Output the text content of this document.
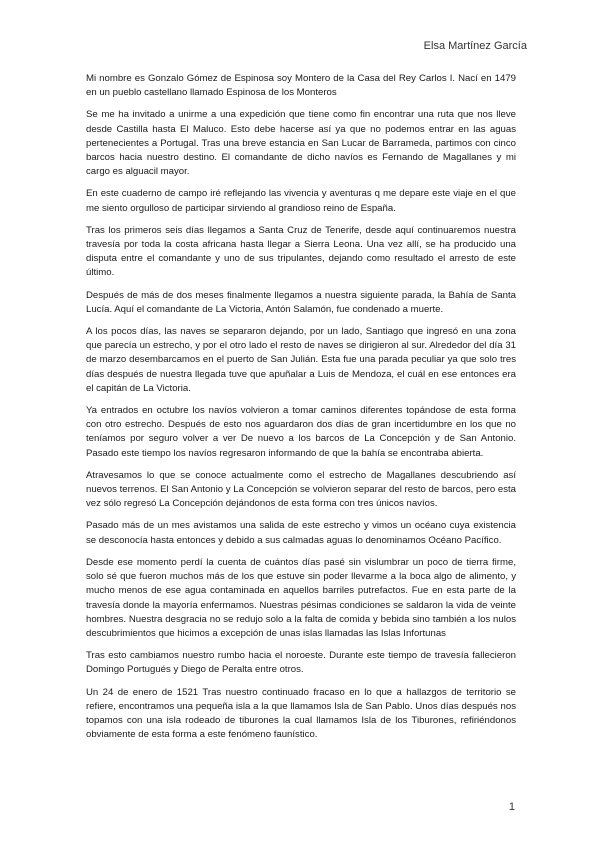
Elsa Martínez García

Mi nombre es Gonzalo Gómez de Espinosa soy Montero de la Casa del Rey Carlos I. Nací en 1479 en un pueblo castellano llamado Espinosa de los Monteros

Se me ha invitado a unirme a una expedición que tiene como fin encontrar una ruta que nos lleve desde Castilla hasta El Maluco. Esto debe hacerse así ya que no podemos entrar en las aguas pertenecientes a Portugal. Tras una breve estancia en San Lucar de Barrameda, partimos con cinco barcos hacia nuestro destino. El comandante de dicho navíos es Fernando de Magallanes y mi cargo es alguacil mayor.

En este cuaderno de campo iré reflejando las vivencia y aventuras q me depare este viaje en el que me siento orgulloso de participar sirviendo al grandioso reino de España.

Tras los primeros seis días llegamos a Santa Cruz de Tenerife, desde aquí continuaremos nuestra travesía por toda la costa africana hasta llegar a Sierra Leona. Una vez allí, se ha producido una disputa entre el comandante y uno de sus tripulantes, dejando como resultado el arresto de este último.

Después de más de dos meses finalmente llegamos a nuestra siguiente parada, la Bahía de Santa Lucía. Aquí el comandante de La Victoria, Antón Salamón, fue condenado a muerte.

A los pocos días, las naves se separaron dejando, por un lado, Santiago que ingresó en una zona que parecía un estrecho, y por el otro lado el resto de naves se dirigieron al sur. Alrededor del día 31 de marzo desembarcamos en el puerto de San Julián. Esta fue una parada peculiar ya que solo tres días después de nuestra llegada tuve que apuñalar a Luis de Mendoza, el cuál en ese entonces era el capitán de La Victoria.

Ya entrados en octubre los navíos volvieron a tomar caminos diferentes topándose de esta forma con otro estrecho. Después de esto nos aguardaron dos días de gran incertidumbre en los que no teníamos por seguro volver a ver De nuevo a los barcos de La Concepción y de San Antonio. Pasado este tiempo los navíos regresaron informando de que la bahía se encontraba abierta.

Atravesamos lo que se conoce actualmente como el estrecho de Magallanes descubriendo así nuevos terrenos. El San Antonio y La Concepción se volvieron separar del resto de barcos, pero esta vez sólo regresó La Concepción dejándonos de esta forma con tres únicos navíos.

Pasado más de un mes avistamos una salida de este estrecho y vimos un océano cuya existencia se desconocía hasta entonces y debido a sus calmadas aguas lo denominamos Océano Pacífico.

Desde ese momento perdí la cuenta de cuántos días pasé sin vislumbrar un poco de tierra firme, solo sé que fueron muchos más de los que estuve sin poder llevarme a la boca algo de alimento, y mucho menos de ese agua contaminada en aquellos barriles putrefactos. Fue en esta parte de la travesía donde la mayoría enfermamos. Nuestras pésimas condiciones se saldaron la vida de veinte hombres. Nuestra desgracia no se redujo solo a la falta de comida y bebida sino también a los nulos descubrimientos que hicimos a excepción de unas islas llamadas las Islas Infortunas

Tras esto cambiamos nuestro rumbo hacia el noroeste. Durante este tiempo de travesía fallecieron Domingo Portugués y Diego de Peralta entre otros.

Un 24 de enero de 1521 Tras nuestro continuado fracaso en lo que a hallazgos de territorio se refiere, encontramos una pequeña isla a la que llamamos Isla de San Pablo. Unos días después nos topamos con una isla rodeado de tiburones la cual llamamos Isla de los Tiburones, refiriéndonos obviamente de esta forma a este fenómeno faunístico.

1
